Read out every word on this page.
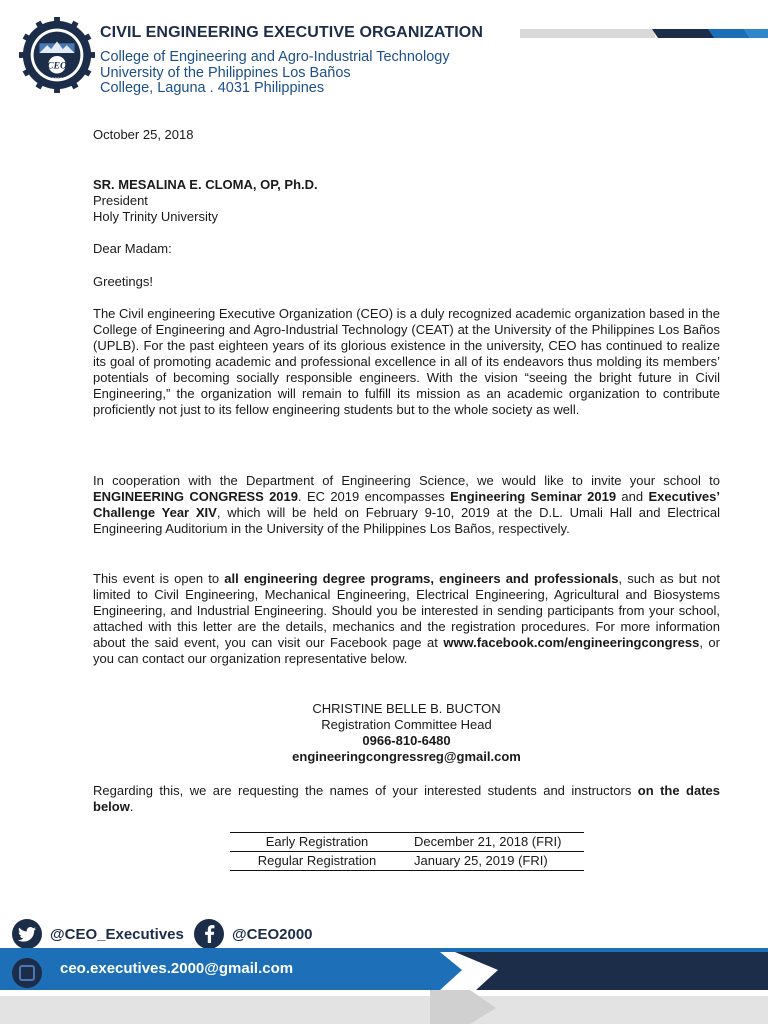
CEO
2000
CIVIL ENGINEERING EXECUTIVE ORGANIZATION
College of Engineering and Agro-Industrial Technology
University of the Philippines Los Baños
College, Laguna . 4031 Philippines
October 25, 2018

SR. MESALINA E. CLOMA, OP, Ph.D.

President

Holy Trinity University

Dear Madam:
Greetings!
The Civil engineering Executive Organization (CEO) is a duly recognized academic organization based in the College of Engineering and Agro-Industrial Technology (CEAT) at the University of the Philippines Los Baños (UPLB). For the past eighteen years of its glorious existence in the university, CEO has continued to realize its goal of promoting academic and professional excellence in all of its endeavors thus molding its members’ potentials of becoming socially responsible engineers. With the vision “seeing the bright future in Civil Engineering,” the organization will remain to fulfill its mission as an academic organization to contribute proficiently not just to its fellow engineering students but to the whole society as well.
In cooperation with the Department of Engineering Science, we would like to invite your school to ENGINEERING CONGRESS 2019. EC 2019 encompasses Engineering Seminar 2019 and Executives’ Challenge Year XIV, which will be held on February 9-10, 2019 at the D.L. Umali Hall and Electrical Engineering Auditorium in the University of the Philippines Los Baños, respectively.
This event is open to all engineering degree programs, engineers and professionals, such as but not limited to Civil Engineering, Mechanical Engineering, Electrical Engineering, Agricultural and Biosystems Engineering, and Industrial Engineering. Should you be interested in sending participants from your school, attached with this letter are the details, mechanics and the registration procedures. For more information about the said event, you can visit our Facebook page at www.facebook.com/engineeringcongress, or you can contact our organization representative below.

CHRISTINE BELLE B. BUCTON

Registration Committee Head

0966-810-6480

engineeringcongressreg@gmail.com

Regarding this, we are requesting the names of your interested students and instructors on the dates below.
Early Registration	December 21, 2018 (FRI)
Regular Registration	January 25, 2019 (FRI)
@CEO_Executives	@CEO2000
ceo.executives.2000@gmail.com
